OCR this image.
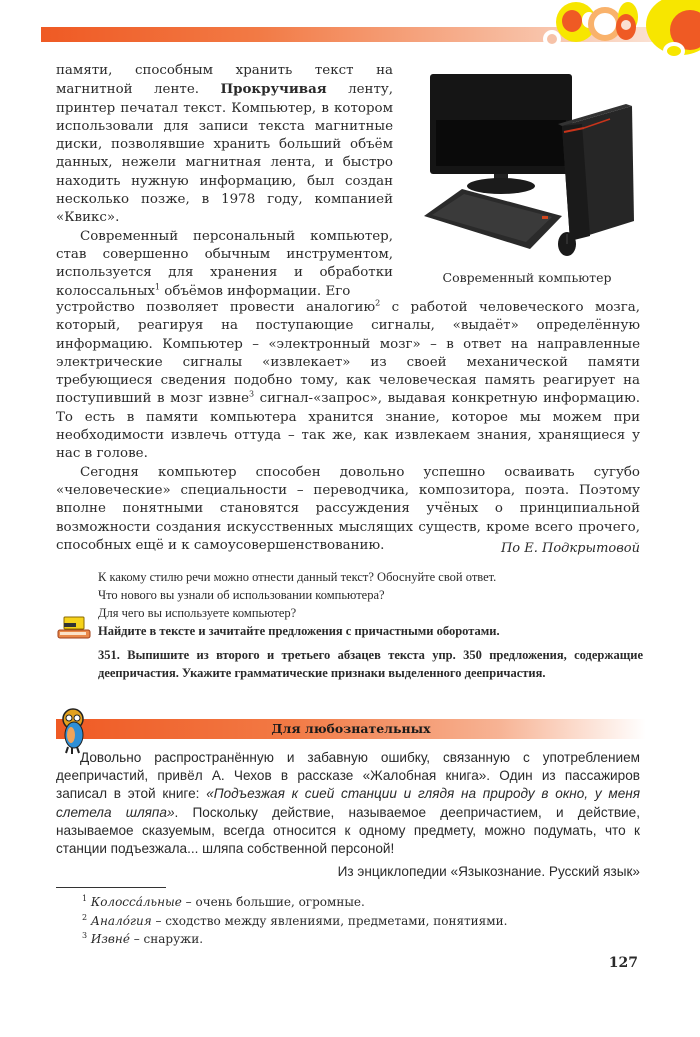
памяти, способным хранить текст на магнитной ленте. Прокручивая ленту, принтер печатал текст. Компьютер, в котором использовали для записи текста магнитные диски, позволявшие хранить больший объём данных, нежели магнитная лента, и быстро находить нужную информацию, был создан несколько позже, в 1978 году, компанией «Квикс».

Современный персональный компьютер, став совершенно обычным инструментом, используется для хранения и обработки колоссальных$^1$ объёмов информации. Его

Современный компьютер

устройство позволяет провести аналогию$^2$ с работой человеческого мозга, который, реагируя на поступающие сигналы, «выдаёт» определённую информацию. Компьютер – «электронный мозг» – в ответ на направленные электрические сигналы «извлекает» из своей механической памяти требующиеся сведения подобно тому, как человеческая память реагирует на поступивший в мозг извне$^3$ сигнал-«запрос», выдавая конкретную информацию. То есть в памяти компьютера хранится знание, которое мы можем при необходимости извлечь оттуда – так же, как извлекаем знания, хранящиеся у нас в голове.

Сегодня компьютер способен довольно успешно осваивать сугубо «человеческие» специальности – переводчика, композитора, поэта. Поэтому вполне понятными становятся рассуждения учёных о принципиальной возможности создания искусственных мыслящих существ, кроме всего прочего, способных ещё и к самоусовершенствованию.	По Е. Подкрытовой
К какому стилю речи можно отнести данный текст? Обоснуйте свой ответ.
Что нового вы узнали об использовании компьютера?
Для чего вы используете компьютер?
Найдите в тексте и зачитайте предложения с причастными оборотами.
351. Выпишите из второго и третьего абзацев текста упр. 350 предложения, содержащие деепричастия. Укажите грамматические признаки выделенного деепричастия.
Для любознательных

Довольно распространённую и забавную ошибку, связанную с употреблением деепричастий, привёл А. Чехов в рассказе «Жалобная книга». Один из пассажиров записал в этой книге: «Подъезжая к сией станции и глядя на природу в окно, у меня слетела шляпа». Поскольку действие, называемое деепричастием, и действие, называемое сказуемым, всегда относится к одному предмету, можно подумать, что к станции подъезжала... шляпа собственной персоной!

Из энциклопедии «Языкознание. Русский язык»
$^1$ Колосса́льные – очень большие, огромные.
$^2$ Анало́гия – сходство между явлениями, предметами, понятиями.
$^3$ Извне́ – снаружи.
127
